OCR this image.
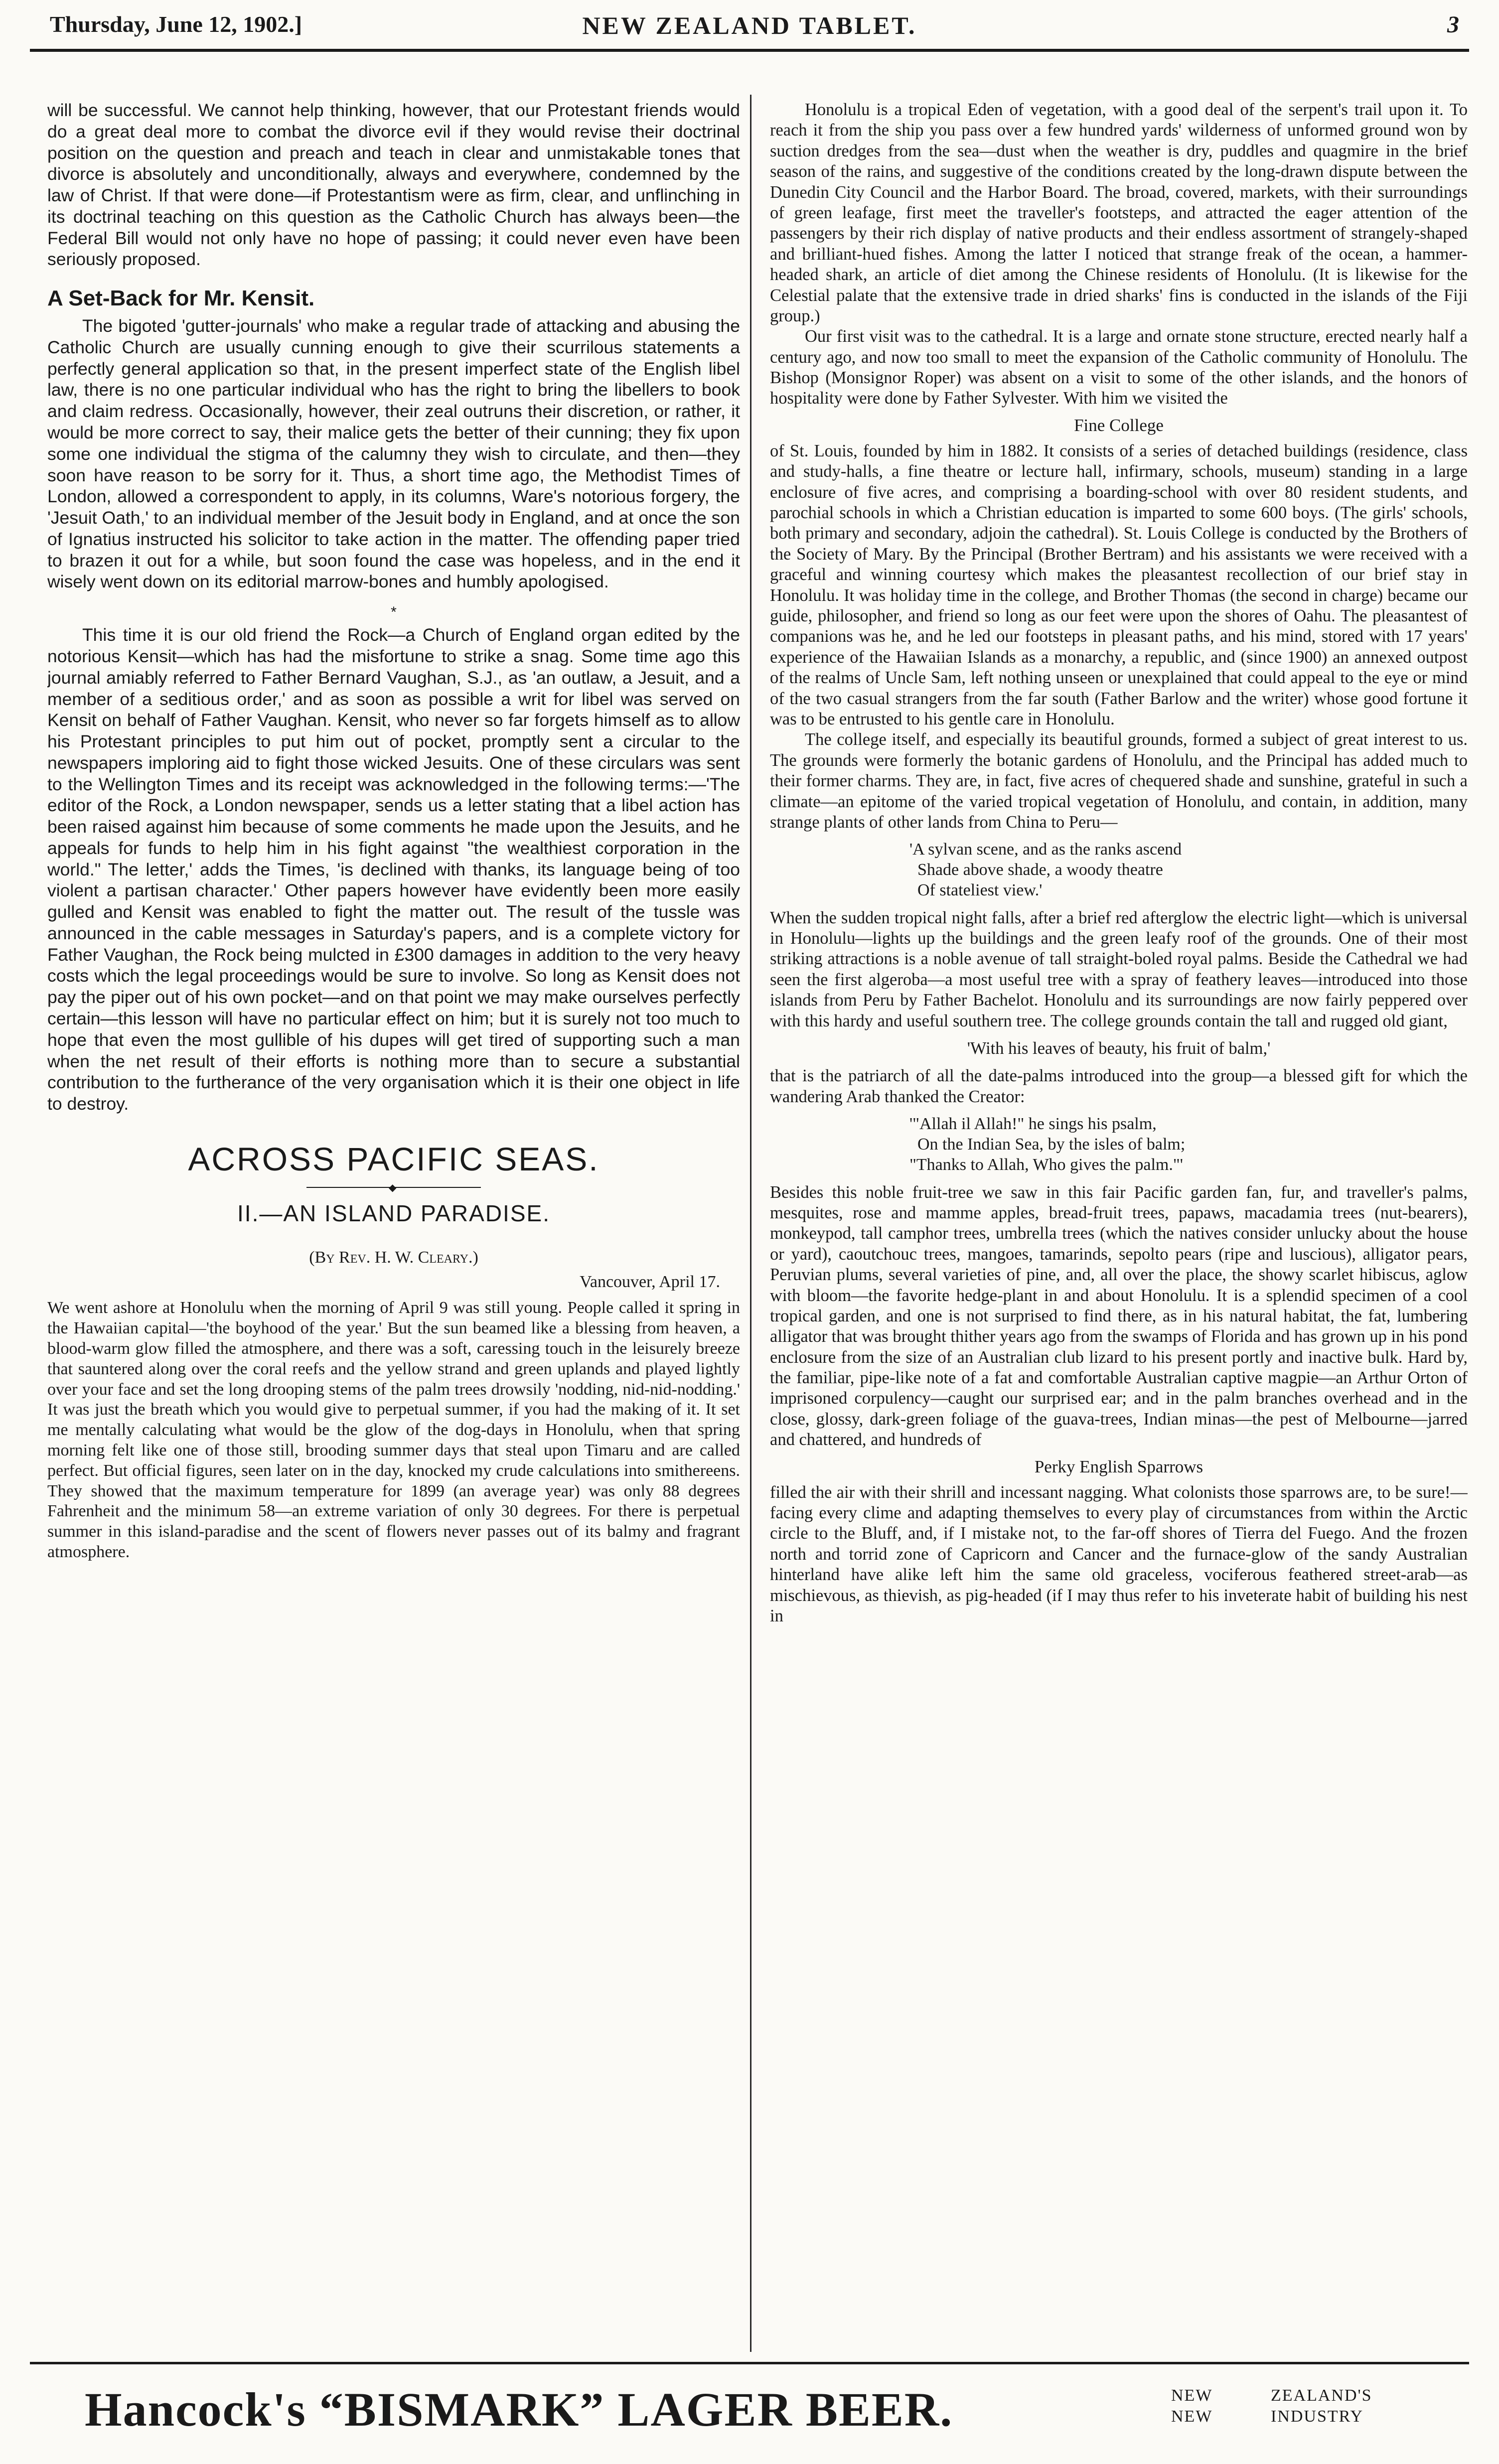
Thursday, June 12, 1902.]	NEW ZEALAND TABLET.	3

will be successful. We cannot help thinking, however, that our Protestant friends would do a great deal more to combat the divorce evil if they would revise their doctrinal position on the question and preach and teach in clear and unmistakable tones that divorce is absolutely and unconditionally, always and everywhere, condemned by the law of Christ. If that were done—if Protestantism were as firm, clear, and unflinching in its doctrinal teaching on this question as the Catholic Church has always been—the Federal Bill would not only have no hope of passing; it could never even have been seriously proposed.

A Set-Back for Mr. Kensit.

The bigoted 'gutter-journals' who make a regular trade of attacking and abusing the Catholic Church are usually cunning enough to give their scurrilous statements a perfectly general application so that, in the present imperfect state of the English libel law, there is no one particular individual who has the right to bring the libellers to book and claim redress. Occasionally, however, their zeal outruns their discretion, or rather, it would be more correct to say, their malice gets the better of their cunning; they fix upon some one individual the stigma of the calumny they wish to circulate, and then—they soon have reason to be sorry for it. Thus, a short time ago, the Methodist Times of London, allowed a correspondent to apply, in its columns, Ware's notorious forgery, the 'Jesuit Oath,' to an individual member of the Jesuit body in England, and at once the son of Ignatius instructed his solicitor to take action in the matter. The offending paper tried to brazen it out for a while, but soon found the case was hopeless, and in the end it wisely went down on its editorial marrow-bones and humbly apologised.

*

This time it is our old friend the Rock—a Church of England organ edited by the notorious Kensit—which has had the misfortune to strike a snag. Some time ago this journal amiably referred to Father Bernard Vaughan, S.J., as 'an outlaw, a Jesuit, and a member of a seditious order,' and as soon as possible a writ for libel was served on Kensit on behalf of Father Vaughan. Kensit, who never so far forgets himself as to allow his Protestant principles to put him out of pocket, promptly sent a circular to the newspapers imploring aid to fight those wicked Jesuits. One of these circulars was sent to the Wellington Times and its receipt was acknowledged in the following terms:—'The editor of the Rock, a London newspaper, sends us a letter stating that a libel action has been raised against him because of some comments he made upon the Jesuits, and he appeals for funds to help him in his fight against "the wealthiest corporation in the world." The letter,' adds the Times, 'is declined with thanks, its language being of too violent a partisan character.' Other papers however have evidently been more easily gulled and Kensit was enabled to fight the matter out. The result of the tussle was announced in the cable messages in Saturday's papers, and is a complete victory for Father Vaughan, the Rock being mulcted in £300 damages in addition to the very heavy costs which the legal proceedings would be sure to involve. So long as Kensit does not pay the piper out of his own pocket—and on that point we may make ourselves perfectly certain—this lesson will have no particular effect on him; but it is surely not too much to hope that even the most gullible of his dupes will get tired of supporting such a man when the net result of their efforts is nothing more than to secure a substantial contribution to the furtherance of the very organisation which it is their one object in life to destroy.

ACROSS PACIFIC SEAS.
◆
II.—AN ISLAND PARADISE.
(By Rev. H. W. Cleary.)
Vancouver, April 17.

We went ashore at Honolulu when the morning of April 9 was still young. People called it spring in the Hawaiian capital—'the boyhood of the year.' But the sun beamed like a blessing from heaven, a blood-warm glow filled the atmosphere, and there was a soft, caressing touch in the leisurely breeze that sauntered along over the coral reefs and the yellow strand and green uplands and played lightly over your face and set the long drooping stems of the palm trees drowsily 'nodding, nid-nid-nodding.' It was just the breath which you would give to perpetual summer, if you had the making of it. It set me mentally calculating what would be the glow of the dog-days in Honolulu, when that spring morning felt like one of those still, brooding summer days that steal upon Timaru and are called perfect. But official figures, seen later on in the day, knocked my crude calculations into smithereens. They showed that the maximum temperature for 1899 (an average year) was only 88 degrees Fahrenheit and the minimum 58—an extreme variation of only 30 degrees. For there is perpetual summer in this island-paradise and the scent of flowers never passes out of its balmy and fragrant atmosphere.

Honolulu is a tropical Eden of vegetation, with a good deal of the serpent's trail upon it. To reach it from the ship you pass over a few hundred yards' wilderness of unformed ground won by suction dredges from the sea—dust when the weather is dry, puddles and quagmire in the brief season of the rains, and suggestive of the conditions created by the long-drawn dispute between the Dunedin City Council and the Harbor Board. The broad, covered, markets, with their surroundings of green leafage, first meet the traveller's footsteps, and attracted the eager attention of the passengers by their rich display of native products and their endless assortment of strangely-shaped and brilliant-hued fishes. Among the latter I noticed that strange freak of the ocean, a hammer-headed shark, an article of diet among the Chinese residents of Honolulu. (It is likewise for the Celestial palate that the extensive trade in dried sharks' fins is conducted in the islands of the Fiji group.)

Our first visit was to the cathedral. It is a large and ornate stone structure, erected nearly half a century ago, and now too small to meet the expansion of the Catholic community of Honolulu. The Bishop (Monsignor Roper) was absent on a visit to some of the other islands, and the honors of hospitality were done by Father Sylvester. With him we visited the

Fine College

of St. Louis, founded by him in 1882. It consists of a series of detached buildings (residence, class and study-halls, a fine theatre or lecture hall, infirmary, schools, museum) standing in a large enclosure of five acres, and comprising a boarding-school with over 80 resident students, and parochial schools in which a Christian education is imparted to some 600 boys. (The girls' schools, both primary and secondary, adjoin the cathedral). St. Louis College is conducted by the Brothers of the Society of Mary. By the Principal (Brother Bertram) and his assistants we were received with a graceful and winning courtesy which makes the pleasantest recollection of our brief stay in Honolulu. It was holiday time in the college, and Brother Thomas (the second in charge) became our guide, philosopher, and friend so long as our feet were upon the shores of Oahu. The pleasantest of companions was he, and he led our footsteps in pleasant paths, and his mind, stored with 17 years' experience of the Hawaiian Islands as a monarchy, a republic, and (since 1900) an annexed outpost of the realms of Uncle Sam, left nothing unseen or unexplained that could appeal to the eye or mind of the two casual strangers from the far south (Father Barlow and the writer) whose good fortune it was to be entrusted to his gentle care in Honolulu.

The college itself, and especially its beautiful grounds, formed a subject of great interest to us. The grounds were formerly the botanic gardens of Honolulu, and the Principal has added much to their former charms. They are, in fact, five acres of chequered shade and sunshine, grateful in such a climate—an epitome of the varied tropical vegetation of Honolulu, and contain, in addition, many strange plants of other lands from China to Peru—

'A sylvan scene, and as the ranks ascend
Shade above shade, a woody theatre
Of stateliest view.'

When the sudden tropical night falls, after a brief red afterglow the electric light—which is universal in Honolulu—lights up the buildings and the green leafy roof of the grounds. One of their most striking attractions is a noble avenue of tall straight-boled royal palms. Beside the Cathedral we had seen the first algeroba—a most useful tree with a spray of feathery leaves—introduced into those islands from Peru by Father Bachelot. Honolulu and its surroundings are now fairly peppered over with this hardy and useful southern tree. The college grounds contain the tall and rugged old giant,

'With his leaves of beauty, his fruit of balm,'

that is the patriarch of all the date-palms introduced into the group—a blessed gift for which the wandering Arab thanked the Creator:

'"Allah il Allah!" he sings his psalm,
On the Indian Sea, by the isles of balm;
"Thanks to Allah, Who gives the palm."'

Besides this noble fruit-tree we saw in this fair Pacific garden fan, fur, and traveller's palms, mesquites, rose and mamme apples, bread-fruit trees, papaws, macadamia trees (nut-bearers), monkeypod, tall camphor trees, umbrella trees (which the natives consider unlucky about the house or yard), caoutchouc trees, mangoes, tamarinds, sepolto pears (ripe and luscious), alligator pears, Peruvian plums, several varieties of pine, and, all over the place, the showy scarlet hibiscus, aglow with bloom—the favorite hedge-plant in and about Honolulu. It is a splendid specimen of a cool tropical garden, and one is not surprised to find there, as in his natural habitat, the fat, lumbering alligator that was brought thither years ago from the swamps of Florida and has grown up in his pond enclosure from the size of an Australian club lizard to his present portly and inactive bulk. Hard by, the familiar, pipe-like note of a fat and comfortable Australian captive magpie—an Arthur Orton of imprisoned corpulency—caught our surprised ear; and in the palm branches overhead and in the close, glossy, dark-green foliage of the guava-trees, Indian minas—the pest of Melbourne—jarred and chattered, and hundreds of

Perky English Sparrows

filled the air with their shrill and incessant nagging. What colonists those sparrows are, to be sure!—facing every clime and adapting themselves to every play of circumstances from within the Arctic circle to the Bluff, and, if I mistake not, to the far-off shores of Tierra del Fuego. And the frozen north and torrid zone of Capricorn and Cancer and the furnace-glow of the sandy Australian hinterland have alike left him the same old graceless, vociferous feathered street-arab—as mischievous, as thievish, as pig-headed (if I may thus refer to his inveterate habit of building his nest in

Hancock's “BISMARK” LAGER BEER.	NEW	ZEALAND'S
NEW	INDUSTRY
